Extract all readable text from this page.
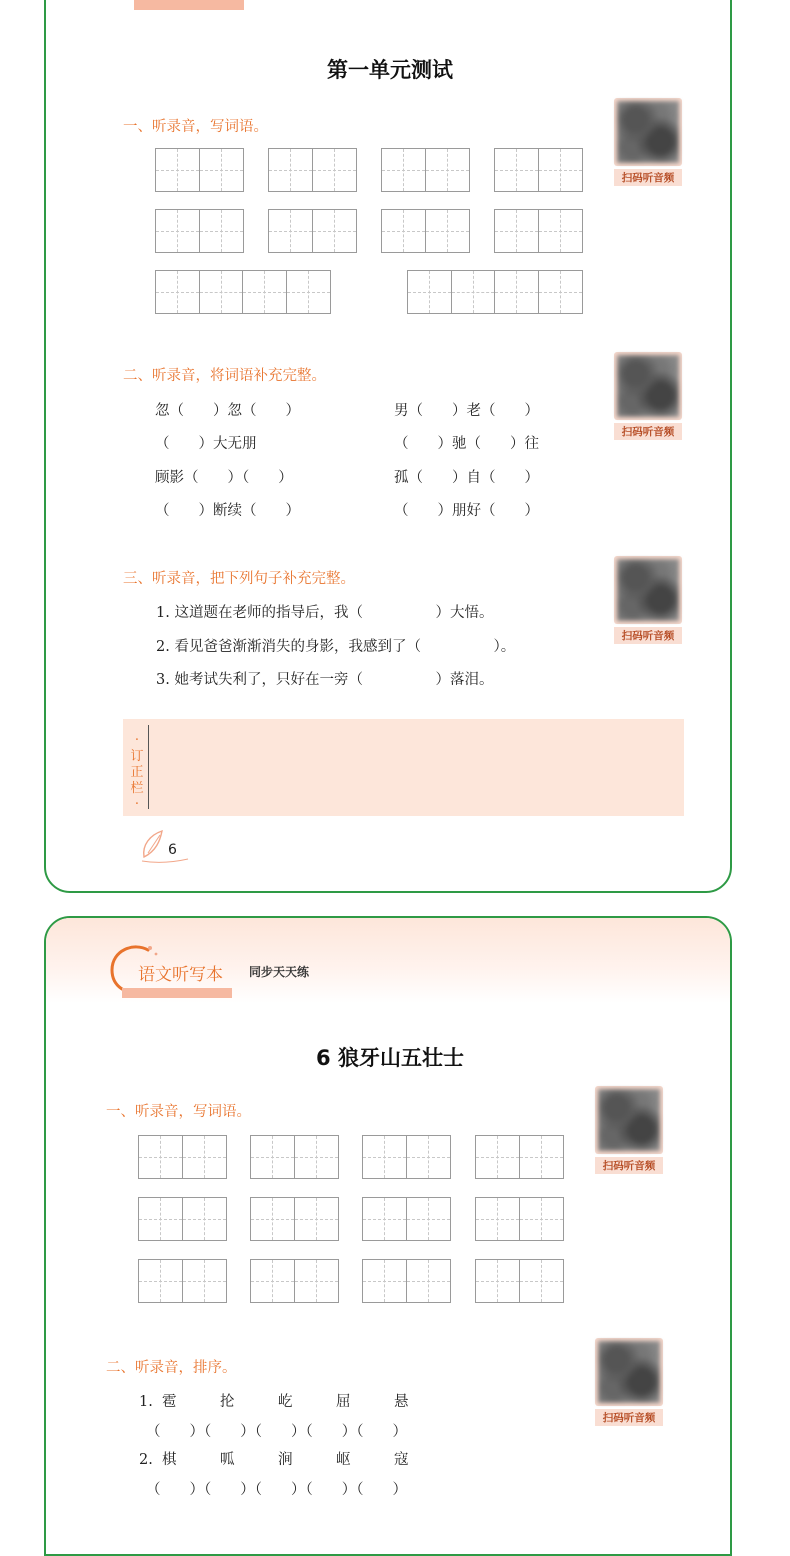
第一单元测试
一、听录音，写词语。
扫码听音频
二、听录音，将词语补充完整。
扫码听音频
忽（　　）忽（　　）	男（　　）老（　　）
（　　）大无朋	（　　）驰（　　）往
顾影（　　）（　　）	孤（　　）自（　　）
（　　）断续（　　）	（　　）朋好（　　）
三、听录音，把下列句子补充完整。
扫码听音频
1. 这道题在老师的指导后，我（　　　　　）大悟。
2. 看见爸爸渐渐消失的身影，我感到了（　　　　　）。
3. 她考试失利了，只好在一旁（　　　　　）落泪。
·订正栏·
6
语文听写本 同步天天练
6 狼牙山五壮士
一、听录音，写词语。
扫码听音频
二、听录音，排序。
扫码听音频
1.  雹　　　抡　　　屹　　　屈　　　悬
（　　）（　　）（　　）（　　）（　　）
2.  棋　　　呱　　　涧　　　岖　　　寇
（　　）（　　）（　　）（　　）（　　）
